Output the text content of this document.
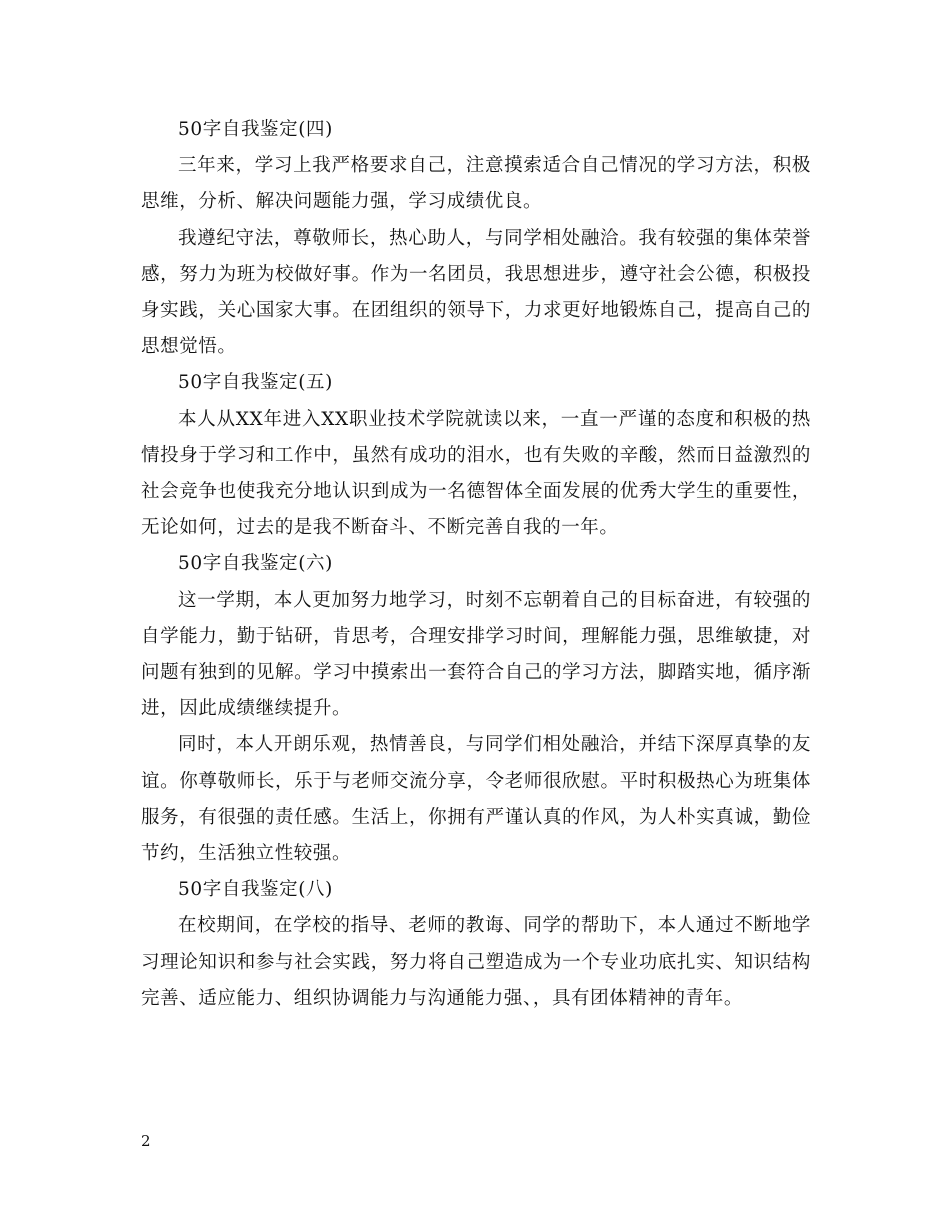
50字自我鉴定(四)

三年来，学习上我严格要求自己，注意摸索适合自己情况的学习方法，积极思维，分析、解决问题能力强，学习成绩优良。

我遵纪守法，尊敬师长，热心助人，与同学相处融洽。我有较强的集体荣誉感，努力为班为校做好事。作为一名团员，我思想进步，遵守社会公德，积极投身实践，关心国家大事。在团组织的领导下，力求更好地锻炼自己，提高自己的思想觉悟。

50字自我鉴定(五)

本人从XX年进入XX职业技术学院就读以来，一直一严谨的态度和积极的热情投身于学习和工作中，虽然有成功的泪水，也有失败的辛酸，然而日益激烈的社会竞争也使我充分地认识到成为一名德智体全面发展的优秀大学生的重要性，无论如何，过去的是我不断奋斗、不断完善自我的一年。

50字自我鉴定(六)

这一学期，本人更加努力地学习，时刻不忘朝着自己的目标奋进，有较强的自学能力，勤于钻研，肯思考，合理安排学习时间，理解能力强，思维敏捷，对问题有独到的见解。学习中摸索出一套符合自己的学习方法，脚踏实地，循序渐进，因此成绩继续提升。

同时，本人开朗乐观，热情善良，与同学们相处融洽，并结下深厚真挚的友谊。你尊敬师长，乐于与老师交流分享，令老师很欣慰。平时积极热心为班集体服务，有很强的责任感。生活上，你拥有严谨认真的作风，为人朴实真诚，勤俭节约，生活独立性较强。

50字自我鉴定(八)

在校期间，在学校的指导、老师的教诲、同学的帮助下，本人通过不断地学习理论知识和参与社会实践，努力将自己塑造成为一个专业功底扎实、知识结构完善、适应能力、组织协调能力与沟通能力强、，具有团体精神的青年。

2
